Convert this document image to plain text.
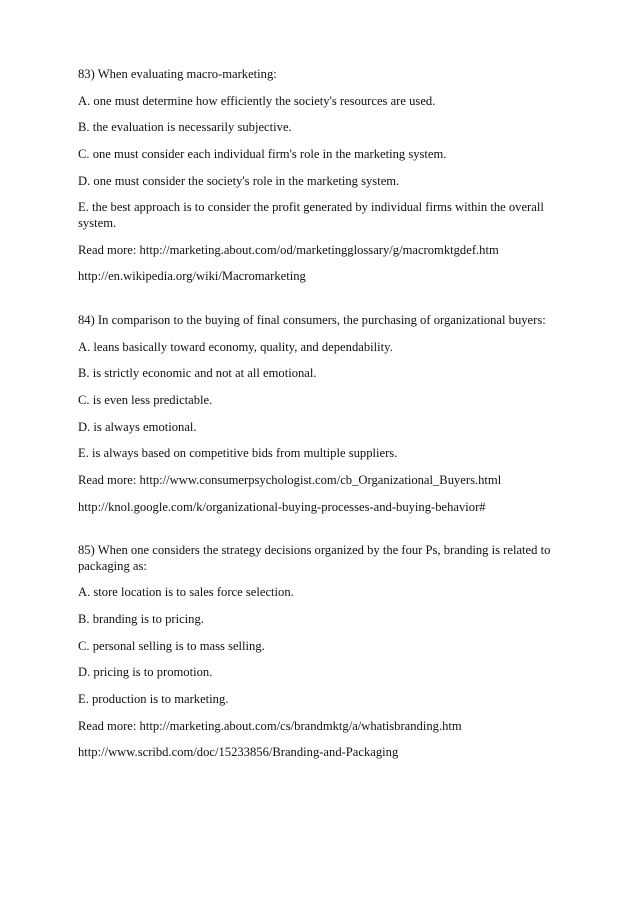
83) When evaluating macro-marketing:

A. one must determine how efficiently the society's resources are used.

B. the evaluation is necessarily subjective.

C. one must consider each individual firm's role in the marketing system.

D. one must consider the society's role in the marketing system.

E. the best approach is to consider the profit generated by individual firms within the overall system.

Read more: http://marketing.about.com/od/marketingglossary/g/macromktgdef.htm

http://en.wikipedia.org/wiki/Macromarketing

84) In comparison to the buying of final consumers, the purchasing of organizational buyers:

A. leans basically toward economy, quality, and dependability.

B. is strictly economic and not at all emotional.

C. is even less predictable.

D. is always emotional.

E. is always based on competitive bids from multiple suppliers.

Read more: http://www.consumerpsychologist.com/cb_Organizational_Buyers.html

http://knol.google.com/k/organizational-buying-processes-and-buying-behavior#

85) When one considers the strategy decisions organized by the four Ps, branding is related to packaging as:

A. store location is to sales force selection.

B. branding is to pricing.

C. personal selling is to mass selling.

D. pricing is to promotion.

E. production is to marketing.

Read more: http://marketing.about.com/cs/brandmktg/a/whatisbranding.htm

http://www.scribd.com/doc/15233856/Branding-and-Packaging
